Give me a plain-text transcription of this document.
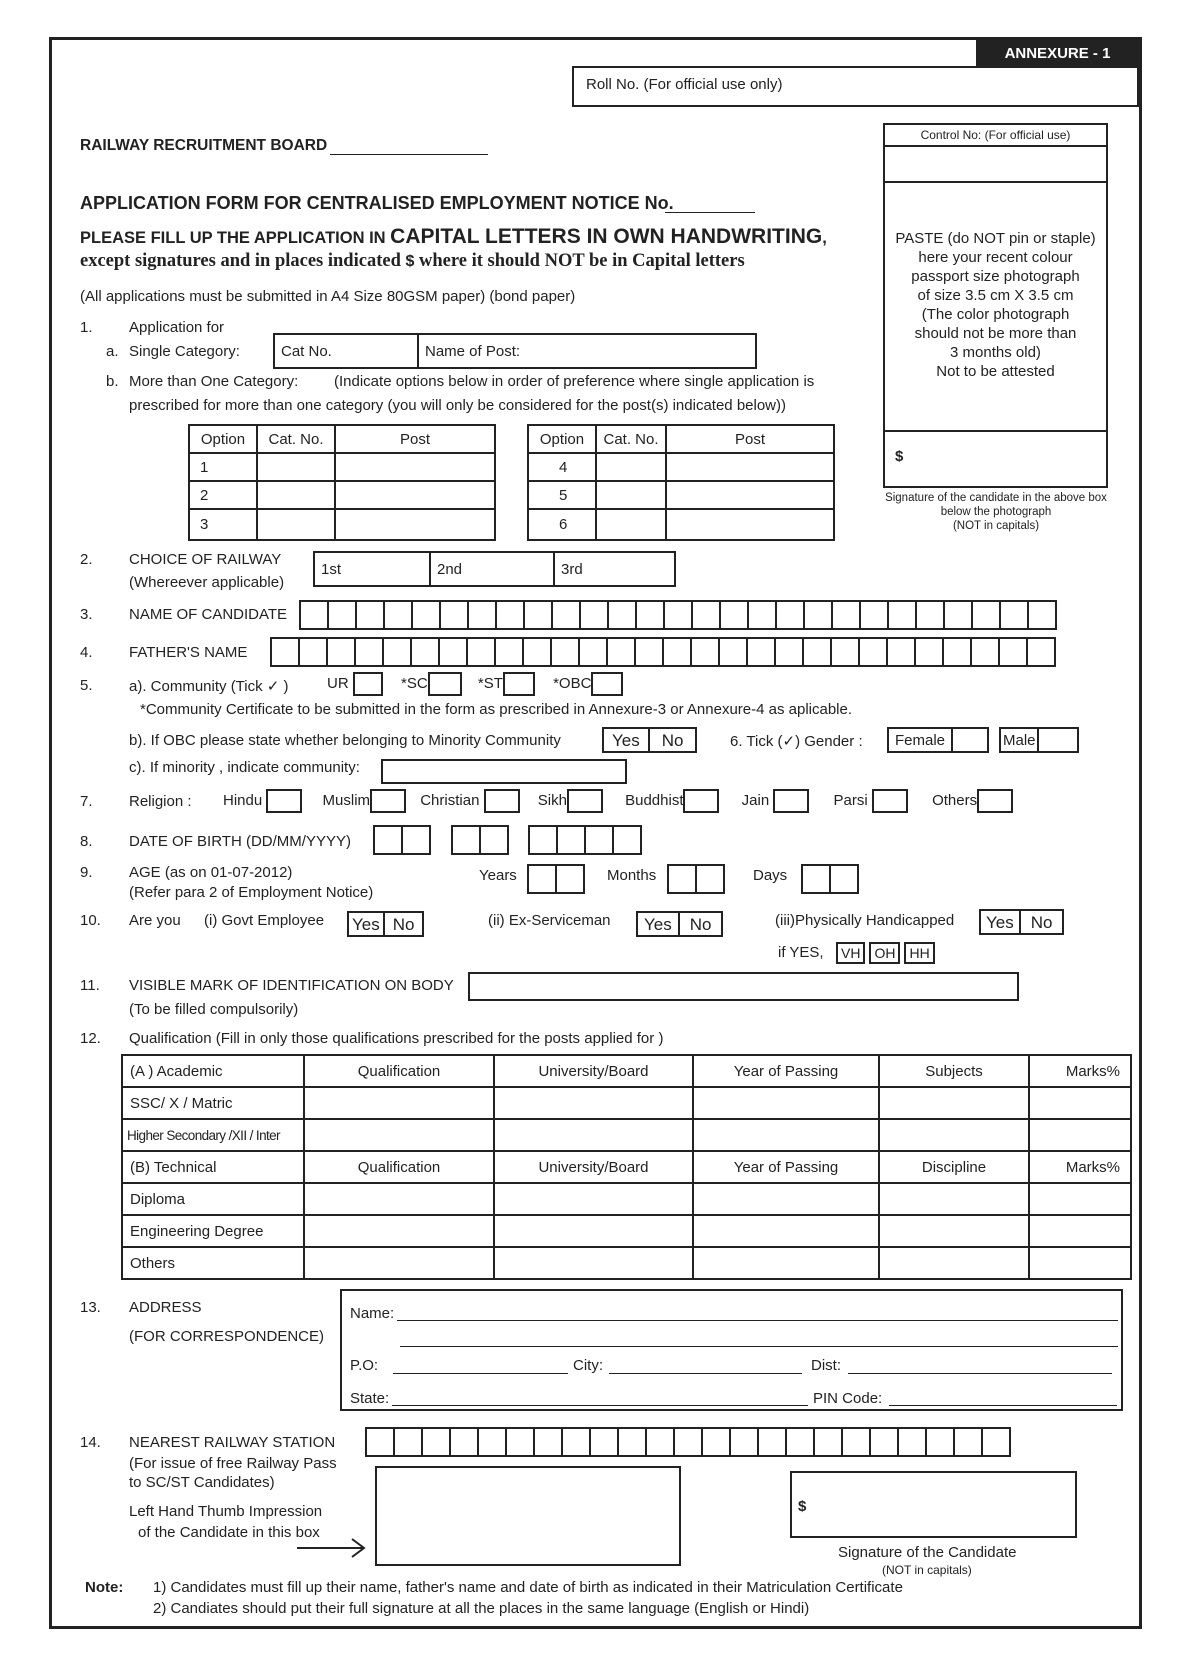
ANNEXURE - 1
Roll No. (For official use only)
Control No: (For official use)
PASTE (do NOT pin or staple)
here your recent colour
passport size photograph
of size 3.5 cm X 3.5 cm
(The color photograph
should not be more than
3 months old)
Not to be attested
$
Signature of the candidate in the above box
below the photograph
(NOT in capitals)
RAILWAY RECRUITMENT BOARD
APPLICATION FORM FOR CENTRALISED EMPLOYMENT NOTICE No.
PLEASE FILL UP THE APPLICATION IN CAPITAL LETTERS IN OWN HANDWRITING,
except signatures and in places indicated $ where it should NOT be in Capital letters
(All applications must be submitted in A4 Size 80GSM paper) (bond paper)
1. Application for
a. Single Category:	Cat No.	Name of Post:
b. More than One Category: (Indicate options below in order of preference where single application is
prescribed for more than one category (you will only be considered for the post(s) indicated below))
Option	Cat. No.	Post
1		
2		
3		
Option	Cat. No.	Post
4		
5		
6		
2. CHOICE OF RAILWAY
(Whereever applicable)
1st	2nd	3rd
3. NAME OF CANDIDATE
4. FATHER'S NAME
5. a). Community (Tick ✓ )	UR	*SC	*ST	*OBC
*Community Certificate to be submitted in the form as prescribed in Annexure-3 or Annexure-4 as aplicable.
b). If OBC please state whether belonging to Minority Community	Yes	No	6. Tick (✓) Gender :	Female	Male
c). If minority , indicate community:
7. Religion : Hindu	Muslim	Christian	Sikh	Buddhist	Jain	Parsi	Others
8. DATE OF BIRTH (DD/MM/YYYY)
9. AGE (as on 01-07-2012)
(Refer para 2 of Employment Notice)
Years	Months	Days
10. Are you (i) Govt Employee Yes No	(ii) Ex-Serviceman	Yes	No	(iii)Physically Handicapped	Yes	No
if YES,	VH	OH	HH
11. VISIBLE MARK OF IDENTIFICATION ON BODY
(To be filled compulsorily)
12. Qualification (Fill in only those qualifications prescribed for the posts applied for )
(A ) Academic	Qualification	University/Board	Year of Passing	Subjects	Marks%
SSC/ X / Matric					
Higher Secondary /XII / Inter					
(B) Technical	Qualification	University/Board	Year of Passing	Discipline	Marks%
Diploma					
Engineering Degree					
Others					
13. ADDRESS
(FOR CORRESPONDENCE)
Name:
P.O:	City:	Dist:
State:	PIN Code:
14. NEAREST RAILWAY STATION
(For issue of free Railway Pass
to SC/ST Candidates)
Left Hand Thumb Impression
of the Candidate in this box
$
Signature of the Candidate
(NOT in capitals)
Note: 1) Candidates must fill up their name, father's name and date of birth as indicated in their Matriculation Certificate
2) Candiates should put their full signature at all the places in the same language (English or Hindi)
